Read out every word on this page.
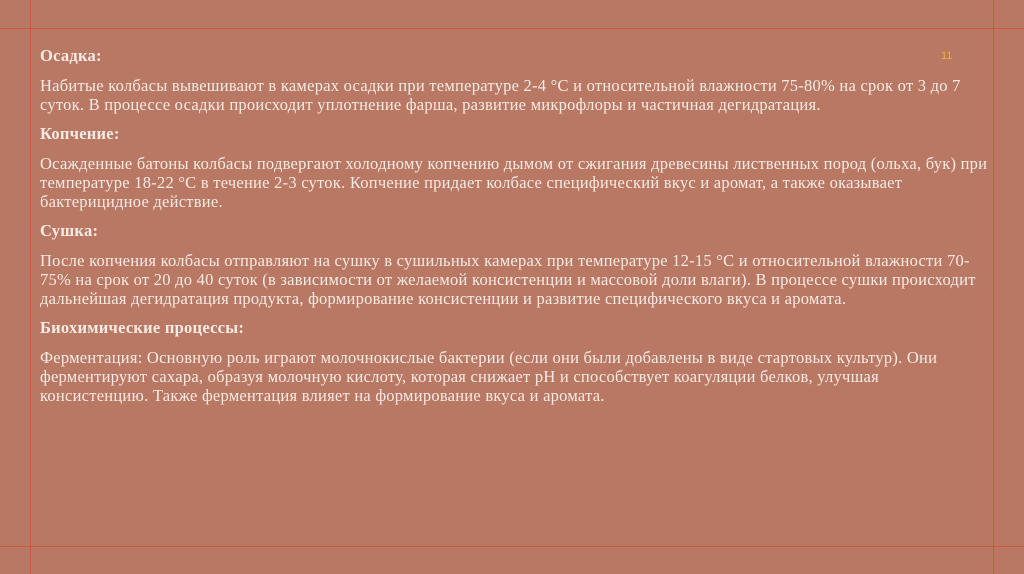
11
Осадка:
Набитые колбасы вывешивают в камерах осадки при температуре 2-4 °C и относительной влажности 75-80% на срок от 3 до 7 суток. В процессе осадки происходит уплотнение фарша, развитие микрофлоры и частичная дегидратация.
Копчение:
Осажденные батоны колбасы подвергают холодному копчению дымом от сжигания древесины лиственных пород (ольха, бук) при температуре 18-22 °C в течение 2-3 суток. Копчение придает колбасе специфический вкус и аромат, а также оказывает бактерицидное действие.
Сушка:
После копчения колбасы отправляют на сушку в сушильных камерах при температуре 12-15 °C и относительной влажности 70-75% на срок от 20 до 40 суток (в зависимости от желаемой консистенции и массовой доли влаги). В процессе сушки происходит дальнейшая дегидратация продукта, формирование консистенции и развитие специфического вкуса и аромата.
Биохимические процессы:
Ферментация: Основную роль играют молочнокислые бактерии (если они были добавлены в виде стартовых культур). Они ферментируют сахара, образуя молочную кислоту, которая снижает pH и способствует коагуляции белков, улучшая консистенцию. Также ферментация влияет на формирование вкуса и аромата.
